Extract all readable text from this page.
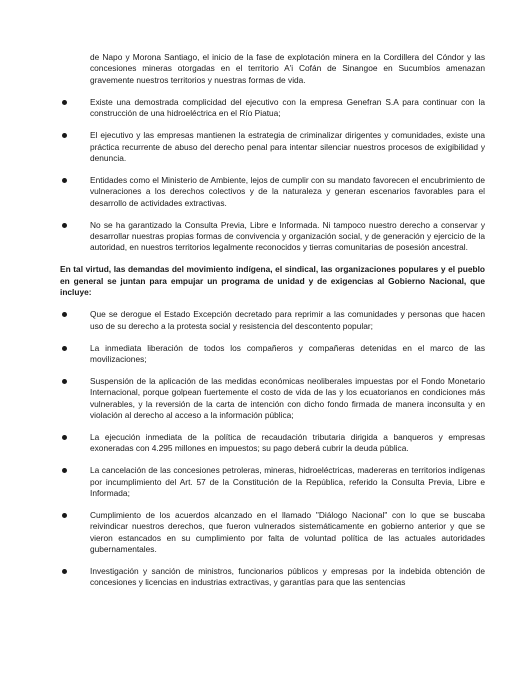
de Napo y Morona Santiago, el inicio de la fase de explotación minera en la Cordillera del Cóndor y las concesiones mineras otorgadas en el territorio A'i Cofán de Sinangoe en Sucumbíos amenazan gravemente nuestros territorios y nuestras formas de vida.

Existe una demostrada complicidad del ejecutivo con la empresa Genefran S.A para continuar con la construcción de una hidroeléctrica en el Río Piatua;
El ejecutivo y las empresas mantienen la estrategia de criminalizar dirigentes y comunidades, existe una práctica recurrente de abuso del derecho penal para intentar silenciar nuestros procesos de exigibilidad y denuncia.
Entidades como el Ministerio de Ambiente, lejos de cumplir con su mandato favorecen el encubrimiento de vulneraciones a los derechos colectivos y de la naturaleza y generan escenarios favorables para el desarrollo de actividades extractivas.
No se ha garantizado la Consulta Previa, Libre e Informada. Ni tampoco nuestro derecho a conservar y desarrollar nuestras propias formas de convivencia y organización social, y de generación y ejercicio de la autoridad, en nuestros territorios legalmente reconocidos y tierras comunitarias de posesión ancestral.

En tal virtud, las demandas del movimiento indígena, el sindical, las organizaciones populares y el pueblo en general se juntan para empujar un programa de unidad y de exigencias al Gobierno Nacional, que incluye:

Que se derogue el Estado Excepción decretado para reprimir a las comunidades y personas que hacen uso de su derecho a la protesta social y resistencia del descontento popular;
La inmediata liberación de todos los compañeros y compañeras detenidas en el marco de las movilizaciones;
Suspensión de la aplicación de las medidas económicas neoliberales impuestas por el Fondo Monetario Internacional, porque golpean fuertemente el costo de vida de las y los ecuatorianos en condiciones más vulnerables, y la reversión de la carta de intención con dicho fondo firmada de manera inconsulta y en violación al derecho al acceso a la información pública;
La ejecución inmediata de la política de recaudación tributaria dirigida a banqueros y empresas exoneradas con 4.295 millones en impuestos; su pago deberá cubrir la deuda pública.
La cancelación de las concesiones petroleras, mineras, hidroeléctricas, madereras en territorios indígenas por incumplimiento del Art. 57 de la Constitución de la República, referido la Consulta Previa, Libre e Informada;
Cumplimiento de los acuerdos alcanzado en el llamado "Diálogo Nacional" con lo que se buscaba reivindicar nuestros derechos, que fueron vulnerados sistemáticamente en gobierno anterior y que se vieron estancados en su cumplimiento por falta de voluntad política de las actuales autoridades gubernamentales.
Investigación y sanción de ministros, funcionarios públicos y empresas por la indebida obtención de concesiones y licencias en industrias extractivas, y garantías para que las sentencias
